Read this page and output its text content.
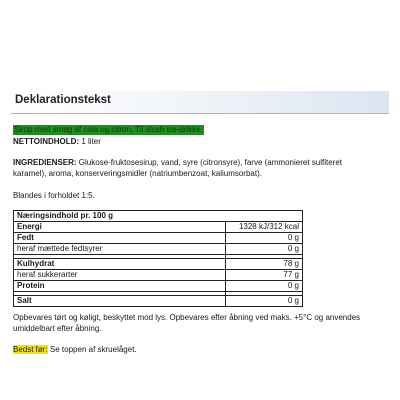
Deklarationstekst
Sirup med smag af cola og citron. Til slush ice-drikke.
NETTOINDHOLD: 1 liter
INGREDIENSER: Glukose-fruktosesirup, vand, syre (citronsyre), farve (ammonieret sulfiteret karamel), aroma, konserveringsmidler (natriumbenzoat, kaliumsorbat).
Blandes i forholdet 1:5.
Næringsindhold pr. 100 g	
Energi	1328 kJ/312 kcal
Fedt	0 g
heraf mættede fedtsyrer	0 g

Kulhydrat	78 g
heraf sukkerarter	77 g
Protein	0 g

Salt	0 g
Opbevares tørt og køligt, beskyttet mod lys. Opbevares efter åbning ved maks. +5°C og anvendes umiddelbart efter åbning.
Bedst før: Se toppen af skruelåget.
